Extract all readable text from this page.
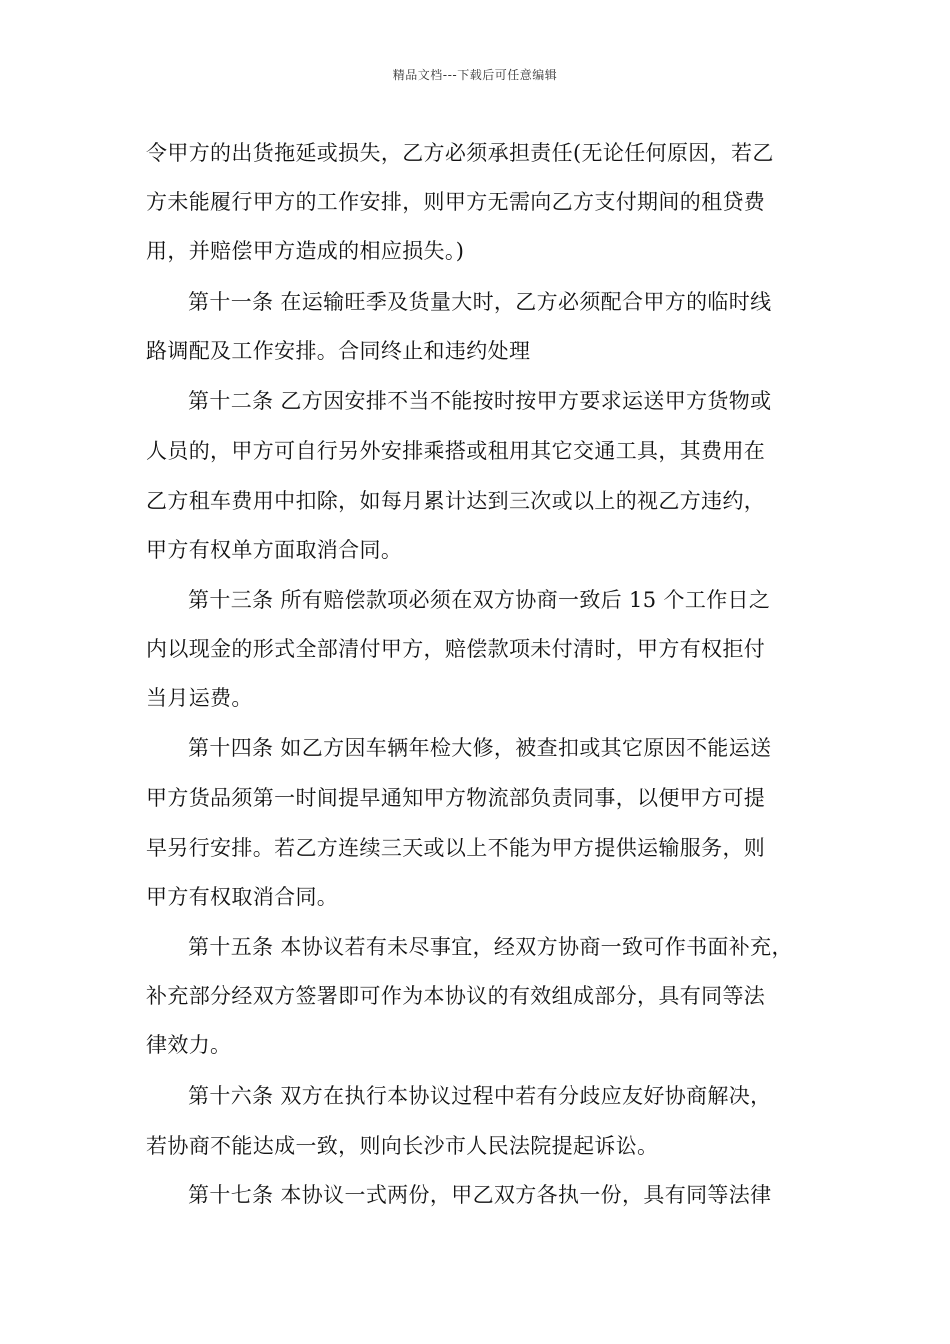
精品文档---下载后可任意编辑
令甲方的出货拖延或损失，乙方必须承担责任(无论任何原因，若乙
方未能履行甲方的工作安排，则甲方无需向乙方支付期间的租贷费
用，并赔偿甲方造成的相应损失。)
第十一条 在运输旺季及货量大时，乙方必须配合甲方的临时线
路调配及工作安排。合同终止和违约处理
第十二条 乙方因安排不当不能按时按甲方要求运送甲方货物或
人员的，甲方可自行另外安排乘搭或租用其它交通工具，其费用在
乙方租车费用中扣除，如每月累计达到三次或以上的视乙方违约，
甲方有权单方面取消合同。
第十三条 所有赔偿款项必须在双方协商一致后 15 个工作日之
内以现金的形式全部清付甲方，赔偿款项未付清时，甲方有权拒付
当月运费。
第十四条 如乙方因车辆年检大修，被查扣或其它原因不能运送
甲方货品须第一时间提早通知甲方物流部负责同事，以便甲方可提
早另行安排。若乙方连续三天或以上不能为甲方提供运输服务，则
甲方有权取消合同。
第十五条 本协议若有未尽事宜，经双方协商一致可作书面补充，
补充部分经双方签署即可作为本协议的有效组成部分，具有同等法
律效力。
第十六条 双方在执行本协议过程中若有分歧应友好协商解决，
若协商不能达成一致，则向长沙市人民法院提起诉讼。
第十七条 本协议一式两份，甲乙双方各执一份，具有同等法律
